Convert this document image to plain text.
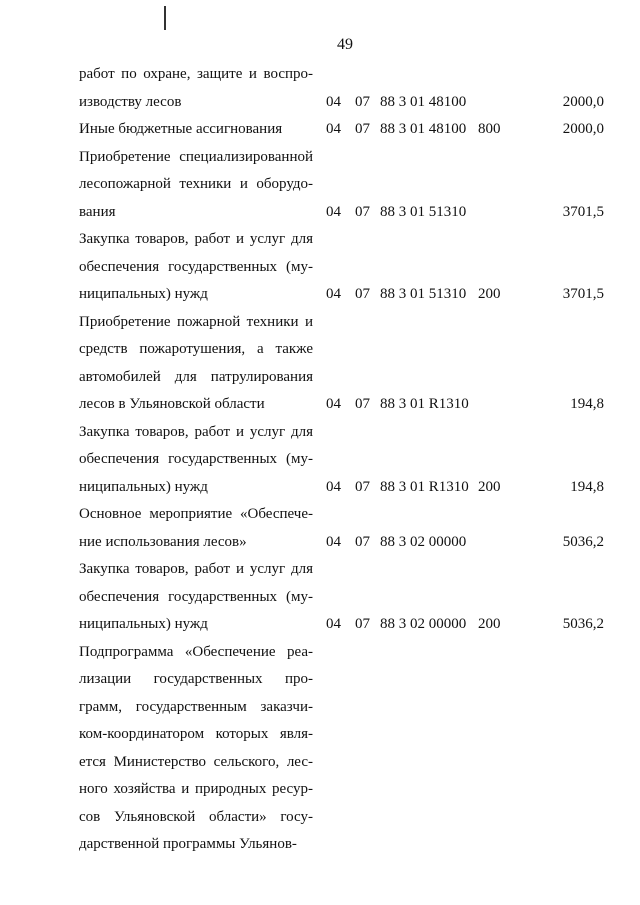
49
работ по охране, защите и воспро-
изводству лесов	04 07 88 3 01 48100	2000,0
Иные бюджетные ассигнования	04 07 88 3 01 48100 800	2000,0
Приобретение специализированной
лесопожарной техники и оборудо-
вания	04 07 88 3 01 51310	3701,5
Закупка товаров, работ и услуг для
обеспечения государственных (му-
ниципальных) нужд	04 07 88 3 01 51310 200	3701,5
Приобретение пожарной техники и
средств пожаротушения, а также
автомобилей для патрулирования
лесов в Ульяновской области	04 07 88 3 01 R1310	194,8
Закупка товаров, работ и услуг для
обеспечения государственных (му-
ниципальных) нужд	04 07 88 3 01 R1310 200	194,8
Основное мероприятие «Обеспече-
ние использования лесов»	04 07 88 3 02 00000	5036,2
Закупка товаров, работ и услуг для
обеспечения государственных (му-
ниципальных) нужд	04 07 88 3 02 00000 200	5036,2
Подпрограмма «Обеспечение реа-
лизации государственных про-
грамм, государственным заказчи-
ком-координатором которых явля-
ется Министерство сельского, лес-
ного хозяйства и природных ресур-
сов Ульяновской области» госу-
дарственной программы Ульянов-
